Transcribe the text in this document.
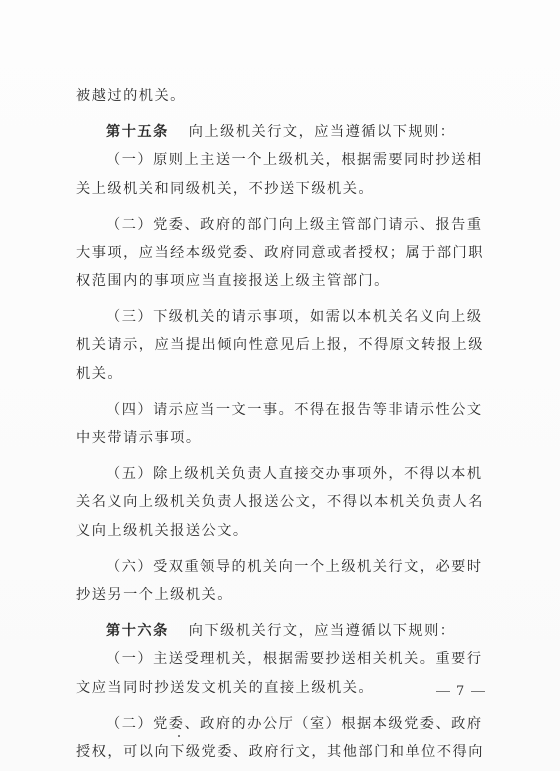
被越过的机关。
第十五条 向上级机关行文，应当遵循以下规则：
（一）原则上主送一个上级机关，根据需要同时抄送相
关上级机关和同级机关，不抄送下级机关。
（二）党委、政府的部门向上级主管部门请示、报告重
大事项，应当经本级党委、政府同意或者授权；属于部门职
权范围内的事项应当直接报送上级主管部门。
（三）下级机关的请示事项，如需以本机关名义向上级
机关请示，应当提出倾向性意见后上报，不得原文转报上级
机关。
（四）请示应当一文一事。不得在报告等非请示性公文
中夹带请示事项。
（五）除上级机关负责人直接交办事项外，不得以本机
关名义向上级机关负责人报送公文，不得以本机关负责人名
义向上级机关报送公文。
（六）受双重领导的机关向一个上级机关行文，必要时
抄送另一个上级机关。
第十六条 向下级机关行文，应当遵循以下规则：
（一）主送受理机关，根据需要抄送相关机关。重要行
文应当同时抄送发文机关的直接上级机关。
（二）党委、政府的办公厅（室）根据本级党委、政府
授权，可以向下级党委、政府行文，其他部门和单位不得向
7
